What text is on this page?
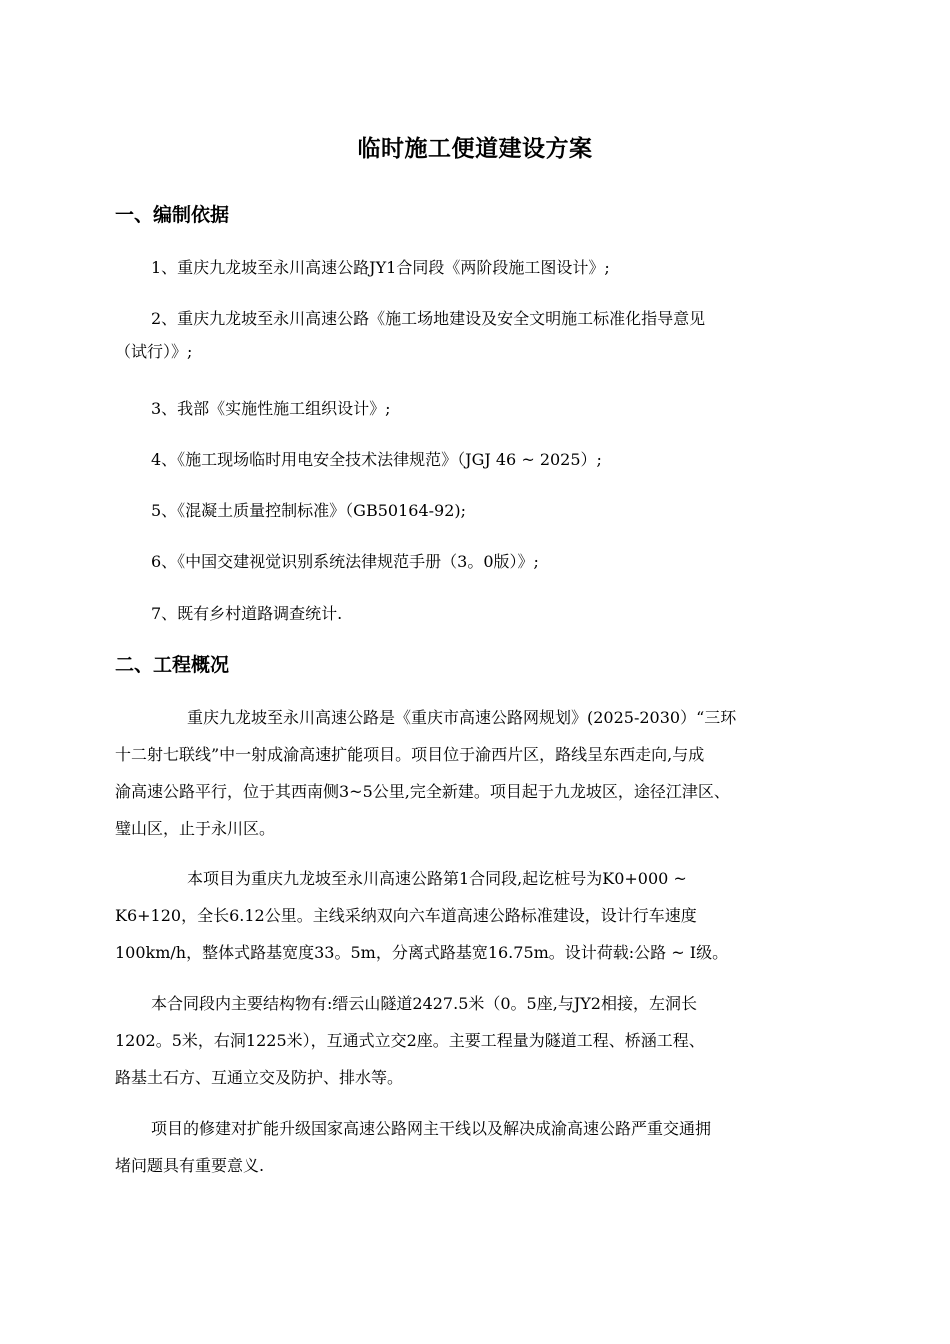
临时施工便道建设方案
一、编制依据
1、重庆九龙坡至永川高速公路JY1合同段《两阶段施工图设计》;
2、重庆九龙坡至永川高速公路《施工场地建设及安全文明施工标准化指导意见
（试行）》;
3、我部《实施性施工组织设计》;
4、《施工现场临时用电安全技术法律规范》（JGJ 46 ~ 2025）;
5、《混凝土质量控制标准》（GB50164-92);
6、《中国交建视觉识别系统法律规范手册（3。0版）》;
7、既有乡村道路调查统计.
二、工程概况
重庆九龙坡至永川高速公路是《重庆市高速公路网规划》(2025-2030）“三环
十二射七联线”中一射成渝高速扩能项目。项目位于渝西片区，路线呈东西走向,与成
渝高速公路平行，位于其西南侧3~5公里,完全新建。项目起于九龙坡区，途径江津区、
璧山区，止于永川区。
本项目为重庆九龙坡至永川高速公路第1合同段,起讫桩号为K0+000 ~
K6+120，全长6.12公里。主线采纳双向六车道高速公路标准建设，设计行车速度
100km/h，整体式路基宽度33。5m，分离式路基宽16.75m。设计荷载:公路 ~ I级。
本合同段内主要结构物有:缙云山隧道2427.5米（0。5座,与JY2相接，左洞长
1202。5米，右洞1225米），互通式立交2座。主要工程量为隧道工程、桥涵工程、
路基土石方、互通立交及防护、排水等。
项目的修建对扩能升级国家高速公路网主干线以及解决成渝高速公路严重交通拥
堵问题具有重要意义.
